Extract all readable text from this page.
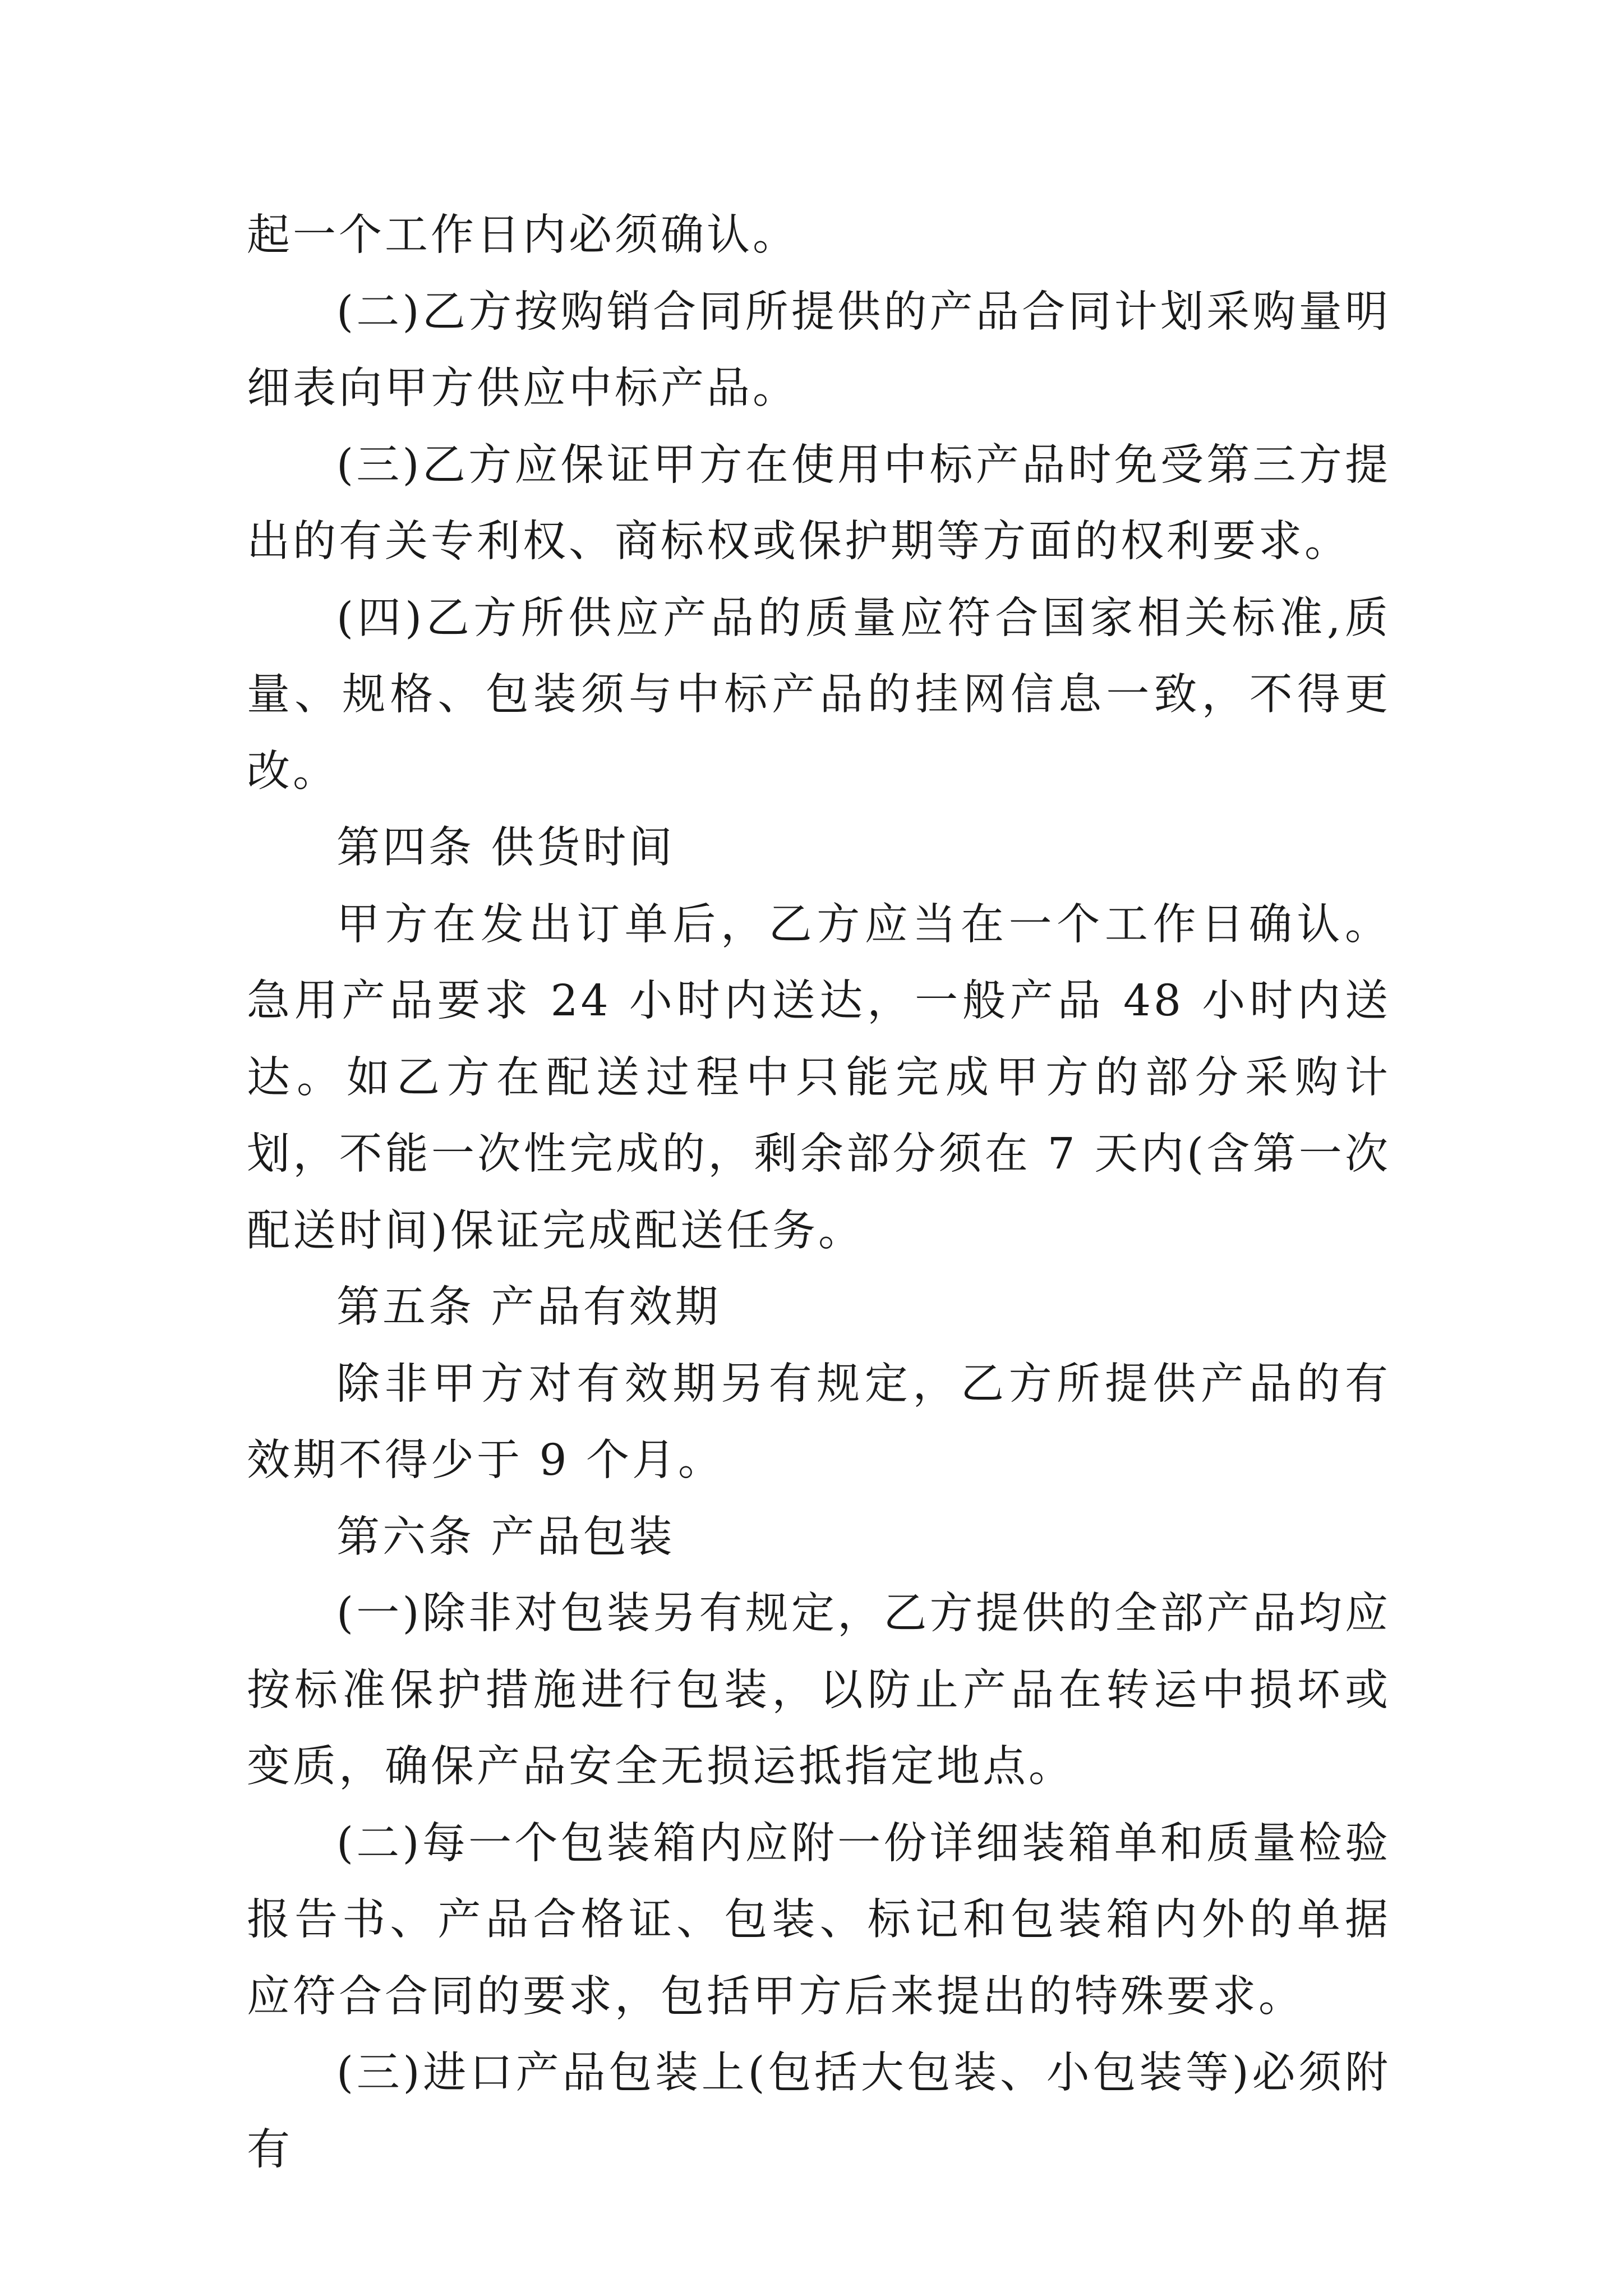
起一个工作日内必须确认。

(二)乙方按购销合同所提供的产品合同计划采购量明细表向甲方供应中标产品。

(三)乙方应保证甲方在使用中标产品时免受第三方提出的有关专利权、商标权或保护期等方面的权利要求。

(四)乙方所供应产品的质量应符合国家相关标准,质量、规格、包装须与中标产品的挂网信息一致，不得更改。

第四条 供货时间

甲方在发出订单后，乙方应当在一个工作日确认。急用产品要求 24 小时内送达，一般产品 48 小时内送达。如乙方在配送过程中只能完成甲方的部分采购计划，不能一次性完成的，剩余部分须在 7 天内(含第一次配送时间)保证完成配送任务。

第五条 产品有效期

除非甲方对有效期另有规定，乙方所提供产品的有效期不得少于 9 个月。

第六条 产品包装

(一)除非对包装另有规定，乙方提供的全部产品均应按标准保护措施进行包装，以防止产品在转运中损坏或变质，确保产品安全无损运抵指定地点。

(二)每一个包装箱内应附一份详细装箱单和质量检验报告书、产品合格证、包装、标记和包装箱内外的单据应符合合同的要求，包括甲方后来提出的特殊要求。

(三)进口产品包装上(包括大包装、小包装等)必须附有
